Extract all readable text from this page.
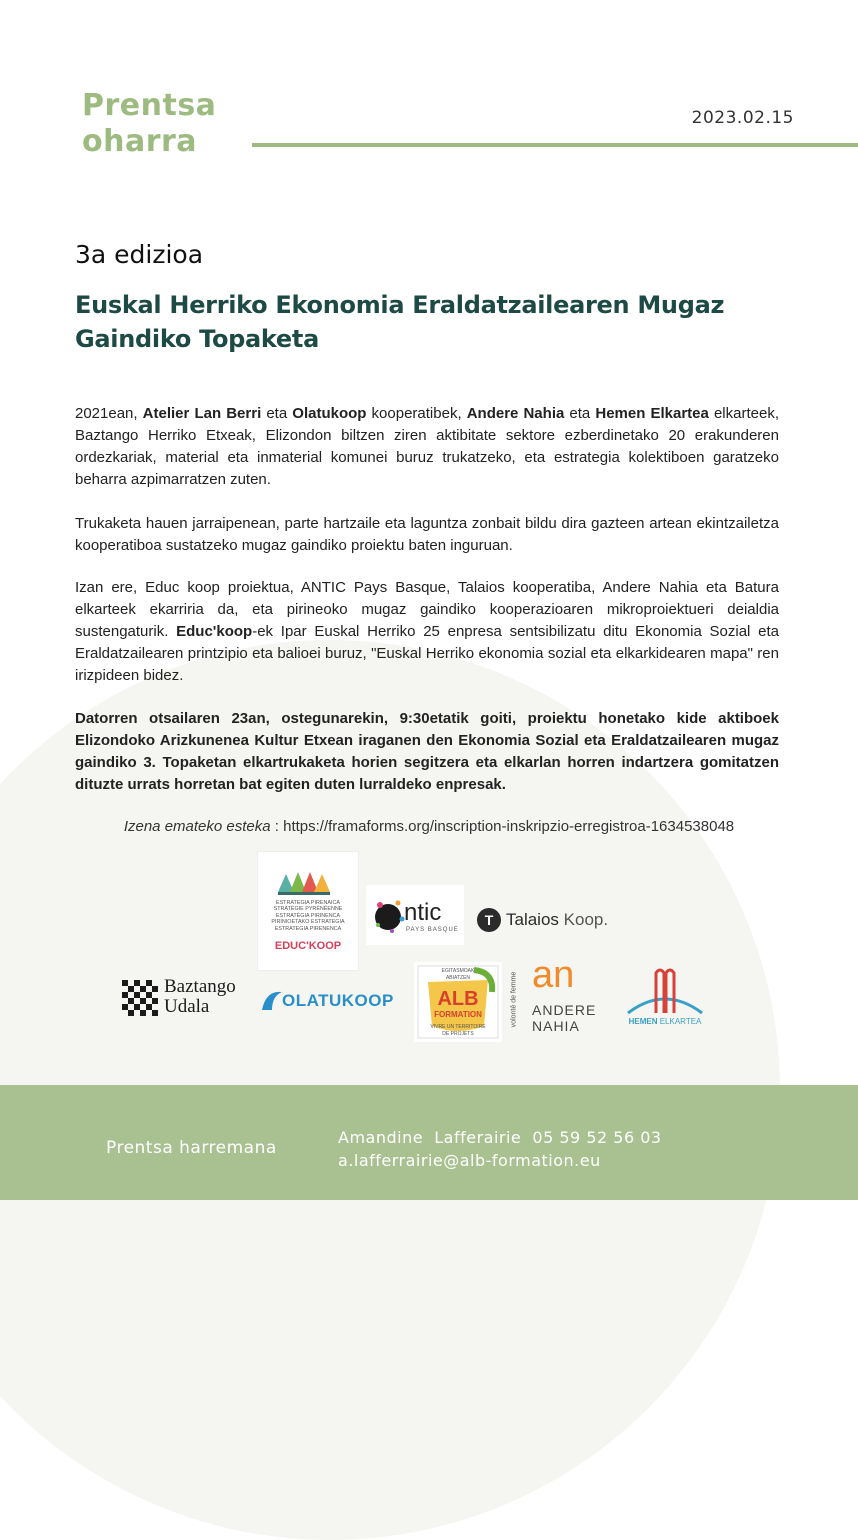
Prentsa
oharra
2023.02.15
3a edizioa
Euskal Herriko Ekonomia Eraldatzailearen Mugaz
Gaindiko Topaketa
2021ean, Atelier Lan Berri eta Olatukoop kooperatibek, Andere Nahia eta Hemen Elkartea elkarteek, Baztango Herriko Etxeak, Elizondon biltzen ziren aktibitate sektore ezberdinetako 20 erakunderen ordezkariak, material eta inmaterial komunei buruz trukatzeko, eta estrategia kolektiboen garatzeko beharra azpimarratzen zuten.
Trukaketa hauen jarraipenean, parte hartzaile eta laguntza zonbait bildu dira gazteen artean ekintzailetza kooperatiboa sustatzeko mugaz gaindiko proiektu baten inguruan.
Izan ere, Educ koop proiektua, ANTIC Pays Basque, Talaios kooperatiba, Andere Nahia eta Batura elkarteek ekarriria da, eta pirineoko mugaz gaindiko kooperazioaren mikroproiektueri deialdia sustengaturik. Educ'koop-ek Ipar Euskal Herriko 25 enpresa sentsibilizatu ditu Ekonomia Sozial eta Eraldatzailearen printzipio eta balioei buruz, "Euskal Herriko ekonomia sozial eta elkarkidearen mapa" ren irizpideen bidez.
Datorren otsailaren 23an, ostegunarekin, 9:30etatik goiti, proiektu honetako kide aktiboek Elizondoko Arizkunenea Kultur Etxean iraganen den Ekonomia Sozial eta Eraldatzailearen mugaz gaindiko 3. Topaketan elkartrukaketa horien segitzera eta elkarlan horren indartzera gomitatzen dituzte urrats horretan bat egiten duten lurraldeko enpresak.
Izena emateko esteka : https://framaforms.org/inscription-inskripzio-erregistroa-1634538048
ESTRATEGIA PIRENAICA
STRATÉGIE PYRÉNÉENNE
ESTRATÈGIA PIRINENCA
PIRINIOETAKO ESTRATEGIA
ESTRATEGIA PIRENENCA
EDUC'KOOP
ntic
PAYS BASQUE
T Talaios Koop.
Baztango
Udala	OLATUKOOP	ALB
FORMATION
EGITASMOAK
ABIATZEN
VIVRE UN TERRITOIRE
DE PROJETS
volonté de femme an
ANDERE
NAHIA	HEMEN ELKARTEA
Prentsa harremana
Amandine  Lafferairie  05 59 52 56 03
a.lafferrairie@alb-formation.eu
